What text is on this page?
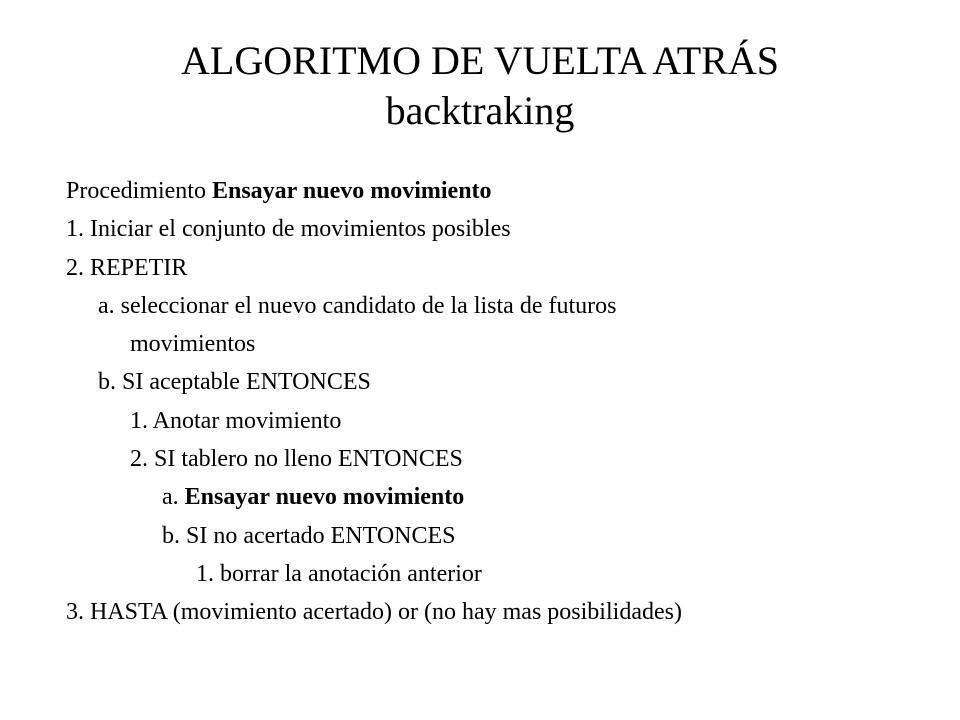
ALGORITMO DE VUELTA ATRÁS
backtraking
Procedimiento Ensayar nuevo movimiento
1. Iniciar el conjunto de movimientos posibles
2. REPETIR
a. seleccionar el nuevo candidato de la lista de futuros
movimientos
b. SI aceptable ENTONCES
1. Anotar movimiento
2. SI tablero no lleno ENTONCES
a. Ensayar nuevo movimiento
b. SI no acertado ENTONCES
1. borrar la anotación anterior
3. HASTA (movimiento acertado) or (no hay mas posibilidades)
